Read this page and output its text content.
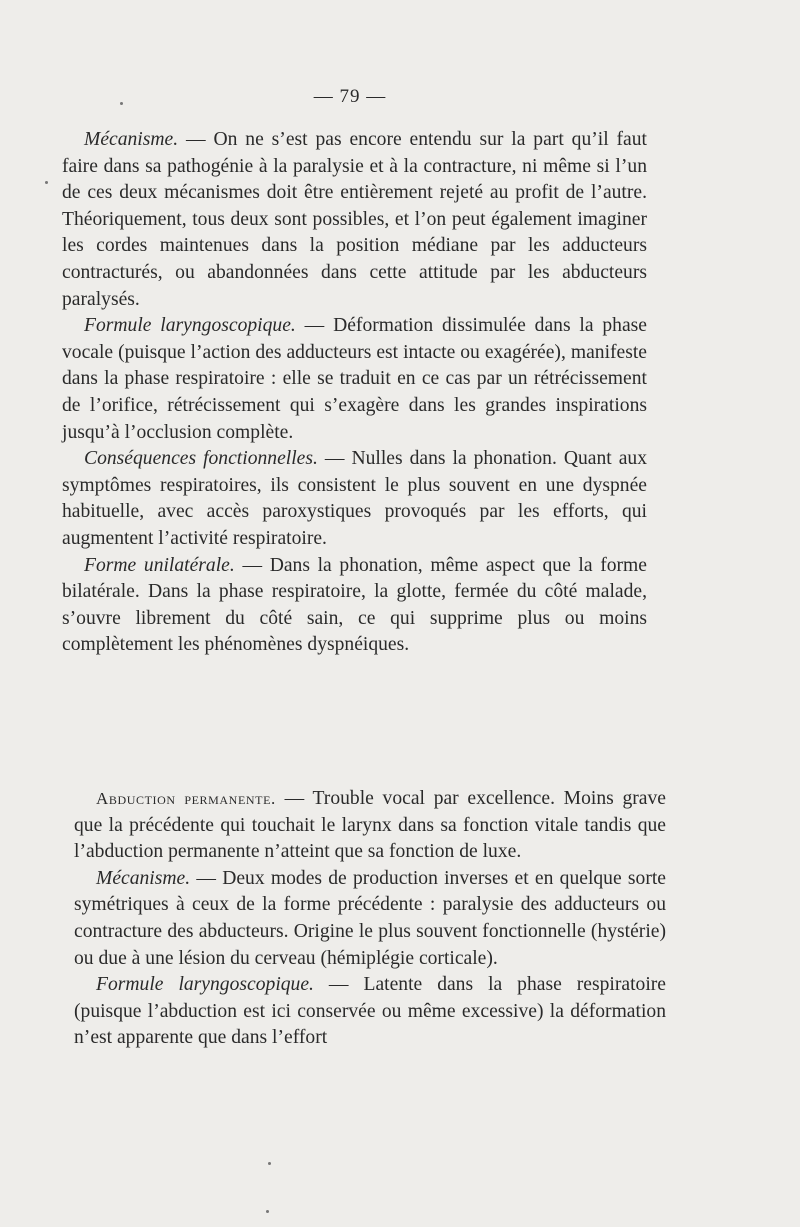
— 79 —

Mécanisme. — On ne s’est pas encore entendu sur la part qu’il faut faire dans sa pathogénie à la paralysie et à la contracture, ni même si l’un de ces deux mécanismes doit être entièrement rejeté au profit de l’autre. Théoriquement, tous deux sont possibles, et l’on peut également imaginer les cordes maintenues dans la position médiane par les adducteurs contracturés, ou abandonnées dans cette attitude par les abducteurs paralysés.

Formule laryngoscopique. — Déformation dissimulée dans la phase vocale (puisque l’action des adducteurs est intacte ou exagérée), manifeste dans la phase respiratoire : elle se traduit en ce cas par un rétrécissement de l’orifice, rétrécissement qui s’exagère dans les grandes inspirations jusqu’à l’occlusion complète.

Conséquences fonctionnelles. — Nulles dans la phonation. Quant aux symptômes respiratoires, ils consistent le plus souvent en une dyspnée habituelle, avec accès paroxystiques provoqués par les efforts, qui augmentent l’activité respiratoire.

Forme unilatérale. — Dans la phonation, même aspect que la forme bilatérale. Dans la phase respiratoire, la glotte, fermée du côté malade, s’ouvre librement du côté sain, ce qui supprime plus ou moins complètement les phénomènes dyspnéiques.

Abduction permanente. — Trouble vocal par excellence. Moins grave que la précédente qui touchait le larynx dans sa fonction vitale tandis que l’abduction permanente n’atteint que sa fonction de luxe.

Mécanisme. — Deux modes de production inverses et en quelque sorte symétriques à ceux de la forme précédente : paralysie des adducteurs ou contracture des abducteurs. Origine le plus souvent fonctionnelle (hystérie) ou due à une lésion du cerveau (hémiplégie corticale).

Formule laryngoscopique. — Latente dans la phase respiratoire (puisque l’abduction est ici conservée ou même excessive) la déformation n’est apparente que dans l’effort
